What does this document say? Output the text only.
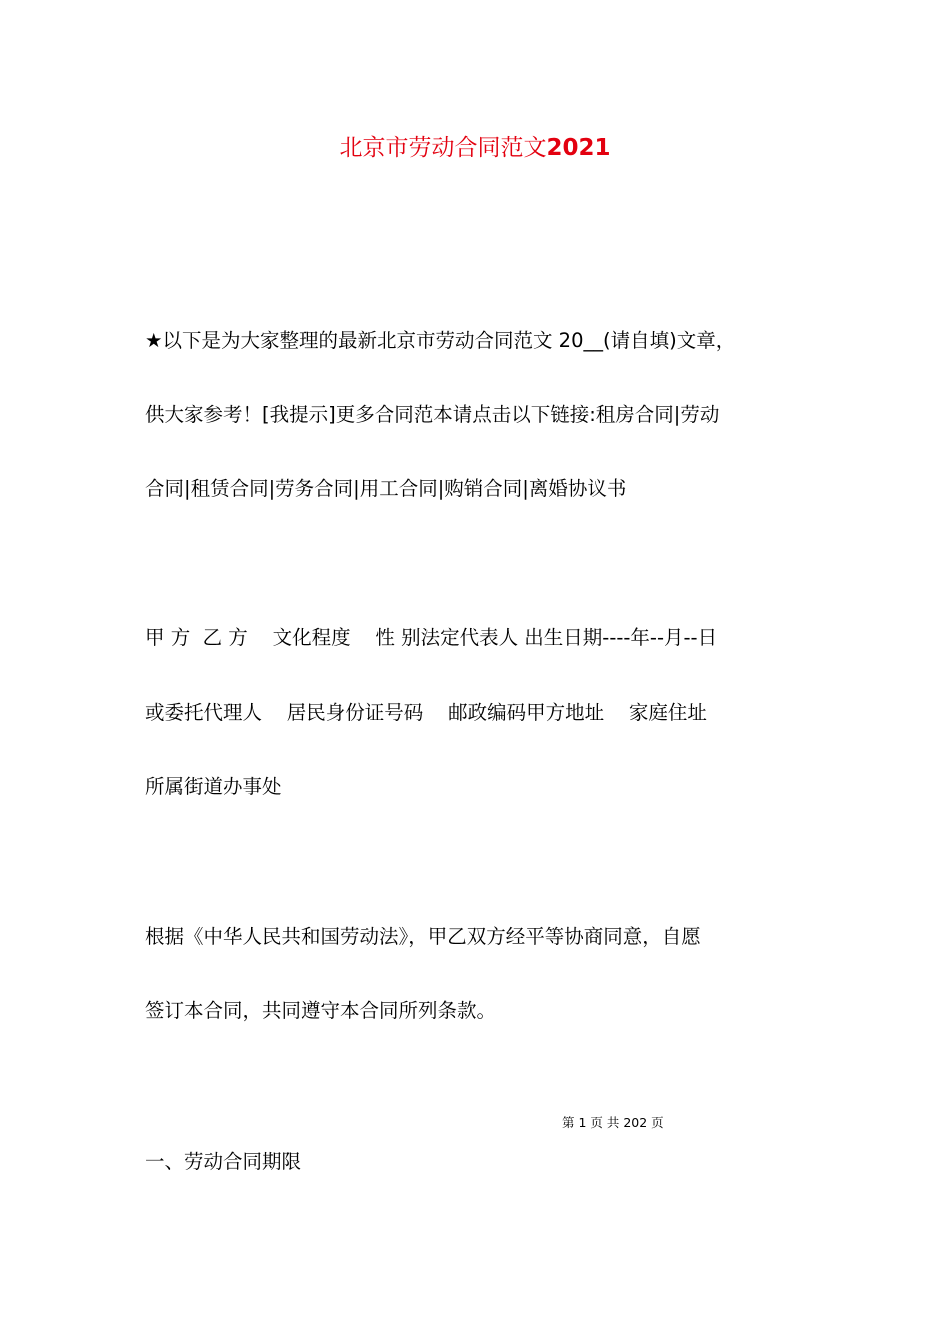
北京市劳动合同范文2021
★以下是为大家整理的最新北京市劳动合同范文 20__(请自填)文章，
供大家参考！[我提示]更多合同范本请点击以下链接:租房合同|劳动
合同|租赁合同|劳务合同|用工合同|购销合同|离婚协议书
甲 方  乙 方    文化程度    性 别法定代表人 出生日期----年--月--日
或委托代理人    居民身份证号码    邮政编码甲方地址    家庭住址
所属街道办事处
根据《中华人民共和国劳动法》，甲乙双方经平等协商同意，自愿
签订本合同，共同遵守本合同所列条款。
第 1 页 共 202 页
一、劳动合同期限
